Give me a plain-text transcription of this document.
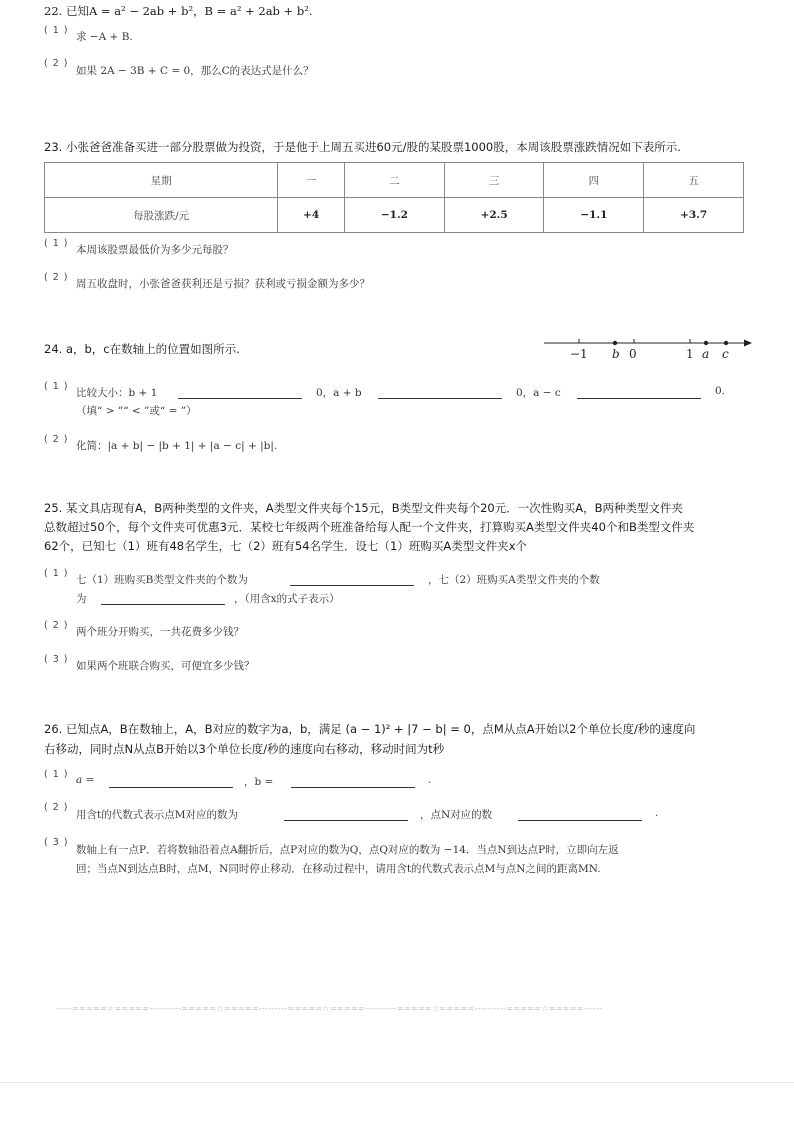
22. 已知A = a² − 2ab + b²，B = a² + 2ab + b².
( 1 )
求 −A + B.
( 2 )
如果 2A − 3B + C = 0，那么C的表达式是什么？
23. 小张爸爸准备买进一部分股票做为投资，于是他于上周五买进60元/股的某股票1000股，本周该股票涨跌情况如下表所示.
星期	一	二	三	四	五
每股涨跌/元	+4	−1.2	+2.5	−1.1	+3.7
( 1 )
本周该股票最低价为多少元每股？
( 2 )
周五收盘时，小张爸爸获利还是亏损？获利或亏损金额为多少？
24. a，b，c在数轴上的位置如图所示.	−1 b 0	1 a c
( 1 )
比较大小：b + 1	0，a + b	0，a − c	0.
（填“ > ”“ < ”或“ = ”）
( 2 )
化简：|a + b| − |b + 1| + |a − c| + |b|.
25. 某文具店现有A，B两种类型的文件夹，A类型文件夹每个15元，B类型文件夹每个20元．一次性购买A，B两种类型文件夹
总数超过50个，每个文件夹可优惠3元．某校七年级两个班准备给每人配一个文件夹，打算购买A类型文件夹40个和B类型文件夹
62个，已知七（1）班有48名学生，七（2）班有54名学生．设七（1）班购买A类型文件夹x个
( 1 )
七（1）班购买B类型文件夹的个数为	，七（2）班购买A类型文件夹的个数
为	，（用含x的式子表示）
( 2 )
两个班分开购买，一共花费多少钱？
( 3 )
如果两个班联合购买，可便宜多少钱？
26. 已知点A，B在数轴上，A，B对应的数字为a，b，满足 (a − 1)² + |7 − b| = 0，点M从点A开始以2个单位长度/秒的速度向
右移动，同时点N从点B开始以3个单位长度/秒的速度向右移动，移动时间为t秒
( 1 ) a =	，b =	.
( 2 )
用含t的代数式表示点M对应的数为	，点N对应的数	.
( 3 )
数轴上有一点P．若将数轴沿着点A翻折后，点P对应的数为Q，点Q对应的数为 −14．当点N到达点P时，立即向左返
回；当点N到达点B时，点M，N同时停止移动．在移动过程中，请用含t的代数式表示点M与点N之间的距离MN.
-----=====☆=====----------=====☆=====---------=====☆=====----------=====☆=====----------=====☆=====------
